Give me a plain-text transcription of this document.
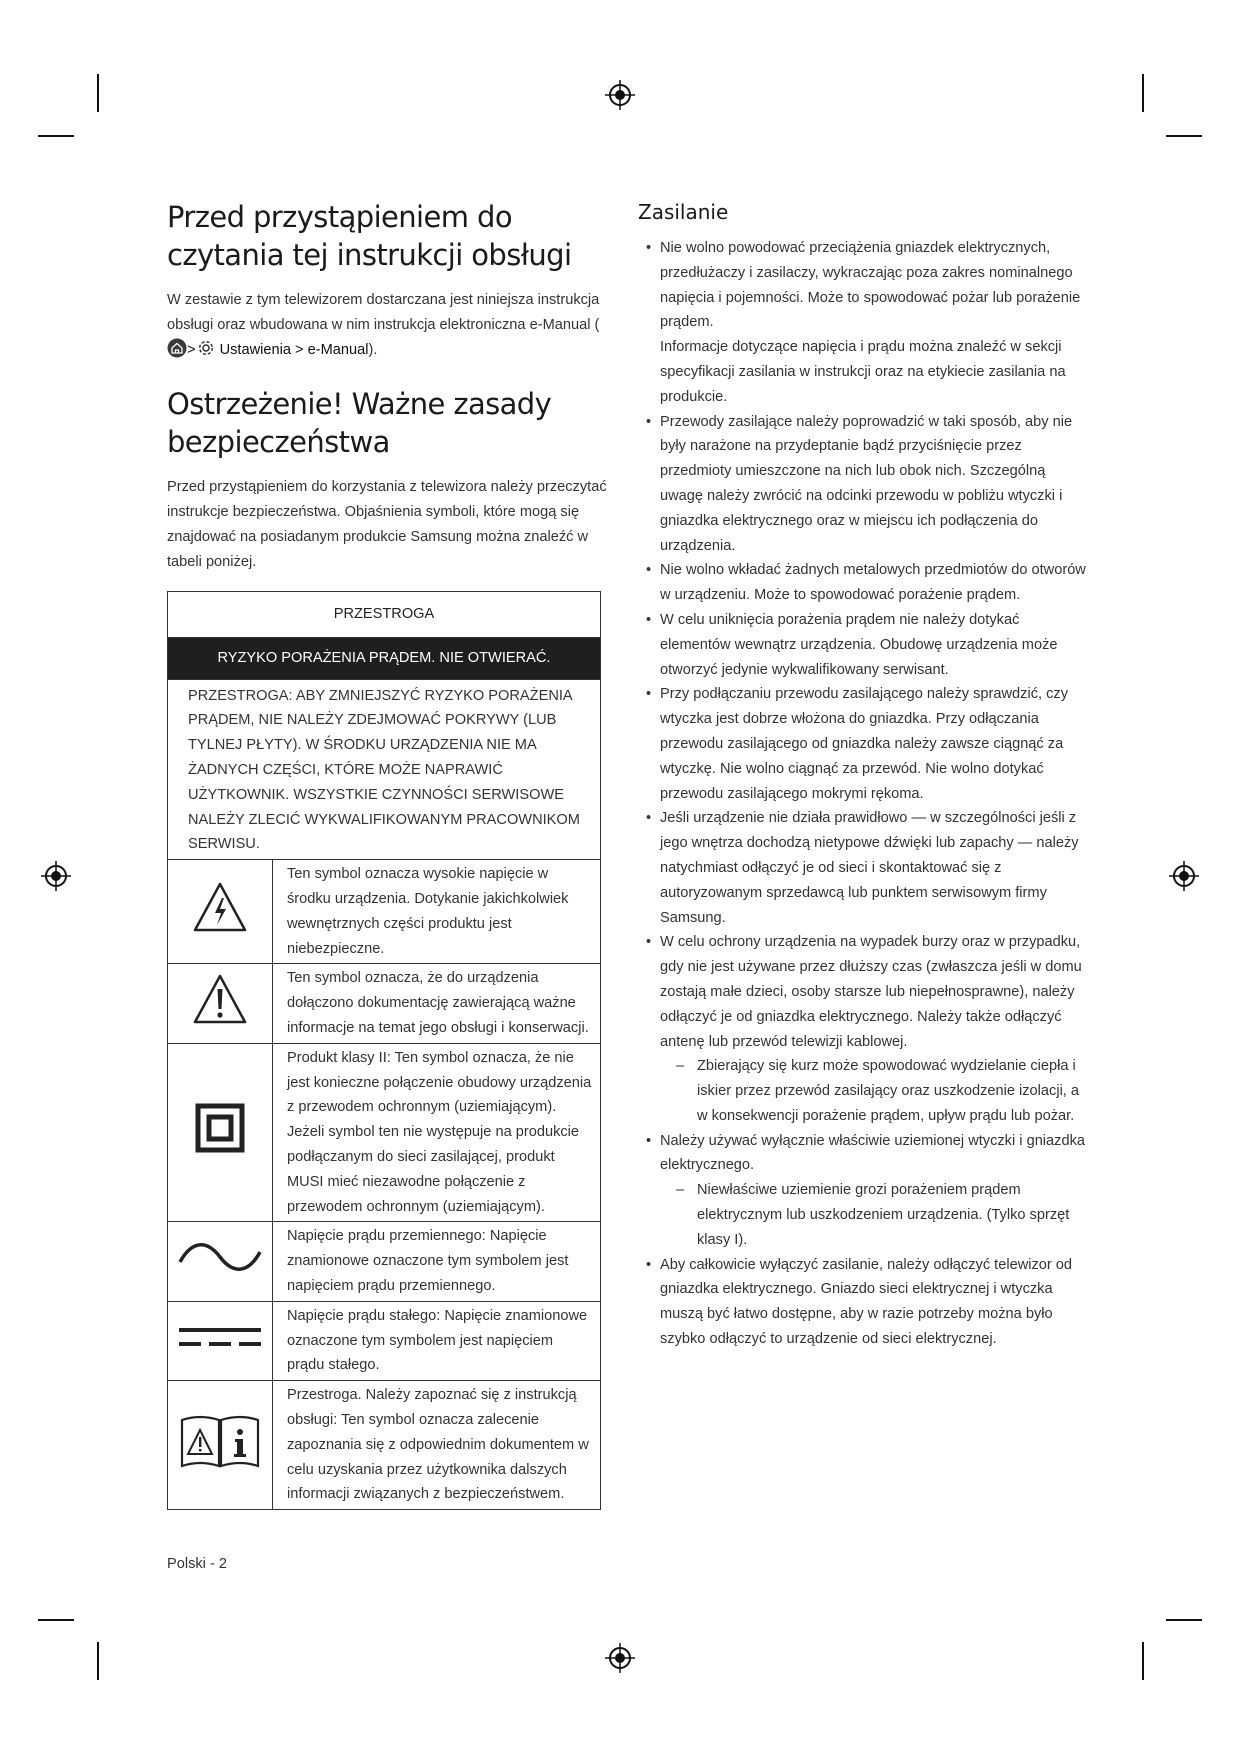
Przed przystąpieniem do czytania tej instrukcji obsługi

W zestawie z tym telewizorem dostarczana jest niniejsza instrukcja obsługi oraz wbudowana w nim instrukcja elektroniczna e-Manual (> Ustawienia > e-Manual).

Ostrzeżenie! Ważne zasady bezpieczeństwa

Przed przystąpieniem do korzystania z telewizora należy przeczytać instrukcje bezpieczeństwa. Objaśnienia symboli, które mogą się znajdować na posiadanym produkcie Samsung można znaleźć w tabeli poniżej.

PRZESTROGA	
RYZYKO PORAŻENIA PRĄDEM. NIE OTWIERAĆ.	
PRZESTROGA: ABY ZMNIEJSZYĆ RYZYKO PORAŻENIA PRĄDEM, NIE NALEŻY ZDEJMOWAĆ POKRYWY (LUB TYLNEJ PŁYTY). W ŚRODKU URZĄDZENIA NIE MA ŻADNYCH CZĘŚCI, KTÓRE MOŻE NAPRAWIĆ UŻYTKOWNIK. WSZYSTKIE CZYNNOŚCI SERWISOWE NALEŻY ZLECIĆ WYKWALIFIKOWANYM PRACOWNIKOM SERWISU.	
	Ten symbol oznacza wysokie napięcie w środku urządzenia. Dotykanie jakichkolwiek wewnętrznych części produktu jest niebezpieczne.
	Ten symbol oznacza, że do urządzenia dołączono dokumentację zawierającą ważne informacje na temat jego obsługi i konserwacji.
	Produkt klasy II: Ten symbol oznacza, że nie jest konieczne połączenie obudowy urządzenia z przewodem ochronnym (uziemiającym). Jeżeli symbol ten nie występuje na produkcie podłączanym do sieci zasilającej, produkt MUSI mieć niezawodne połączenie z przewodem ochronnym (uziemiającym).
	Napięcie prądu przemiennego: Napięcie znamionowe oznaczone tym symbolem jest napięciem prądu przemiennego.
	Napięcie prądu stałego: Napięcie znamionowe oznaczone tym symbolem jest napięciem prądu stałego.
	Przestroga. Należy zapoznać się z instrukcją obsługi: Ten symbol oznacza zalecenie zapoznania się z odpowiednim dokumentem w celu uzyskania przez użytkownika dalszych informacji związanych z bezpieczeństwem.
Zasilanie
• Nie wolno powodować przeciążenia gniazdek elektrycznych, przedłużaczy i zasilaczy, wykraczając poza zakres nominalnego napięcia i pojemności. Może to spowodować pożar lub porażenie prądem.
Informacje dotyczące napięcia i prądu można znaleźć w sekcji specyfikacji zasilania w instrukcji oraz na etykiecie zasilania na produkcie.
• Przewody zasilające należy poprowadzić w taki sposób, aby nie były narażone na przydeptanie bądź przyciśnięcie przez przedmioty umieszczone na nich lub obok nich. Szczególną uwagę należy zwrócić na odcinki przewodu w pobliżu wtyczki i gniazdka elektrycznego oraz w miejscu ich podłączenia do urządzenia.
• Nie wolno wkładać żadnych metalowych przedmiotów do otworów w urządzeniu. Może to spowodować porażenie prądem.
• W celu uniknięcia porażenia prądem nie należy dotykać elementów wewnątrz urządzenia. Obudowę urządzenia może otworzyć jedynie wykwalifikowany serwisant.
• Przy podłączaniu przewodu zasilającego należy sprawdzić, czy wtyczka jest dobrze włożona do gniazdka. Przy odłączania przewodu zasilającego od gniazdka należy zawsze ciągnąć za wtyczkę. Nie wolno ciągnąć za przewód. Nie wolno dotykać przewodu zasilającego mokrymi rękoma.
• Jeśli urządzenie nie działa prawidłowo — w szczególności jeśli z jego wnętrza dochodzą nietypowe dźwięki lub zapachy — należy natychmiast odłączyć je od sieci i skontaktować się z autoryzowanym sprzedawcą lub punktem serwisowym firmy Samsung.
• W celu ochrony urządzenia na wypadek burzy oraz w przypadku, gdy nie jest używane przez dłuższy czas (zwłaszcza jeśli w domu zostają małe dzieci, osoby starsze lub niepełnosprawne), należy odłączyć je od gniazdka elektrycznego. Należy także odłączyć antenę lub przewód telewizji kablowej.
– Zbierający się kurz może spowodować wydzielanie ciepła i iskier przez przewód zasilający oraz uszkodzenie izolacji, a w konsekwencji porażenie prądem, upływ prądu lub pożar.
• Należy używać wyłącznie właściwie uziemionej wtyczki i gniazdka elektrycznego.
– Niewłaściwe uziemienie grozi porażeniem prądem elektrycznym lub uszkodzeniem urządzenia. (Tylko sprzęt klasy I).
• Aby całkowicie wyłączyć zasilanie, należy odłączyć telewizor od gniazdka elektrycznego. Gniazdo sieci elektrycznej i wtyczka muszą być łatwo dostępne, aby w razie potrzeby można było szybko odłączyć to urządzenie od sieci elektrycznej.
Polski - 2
